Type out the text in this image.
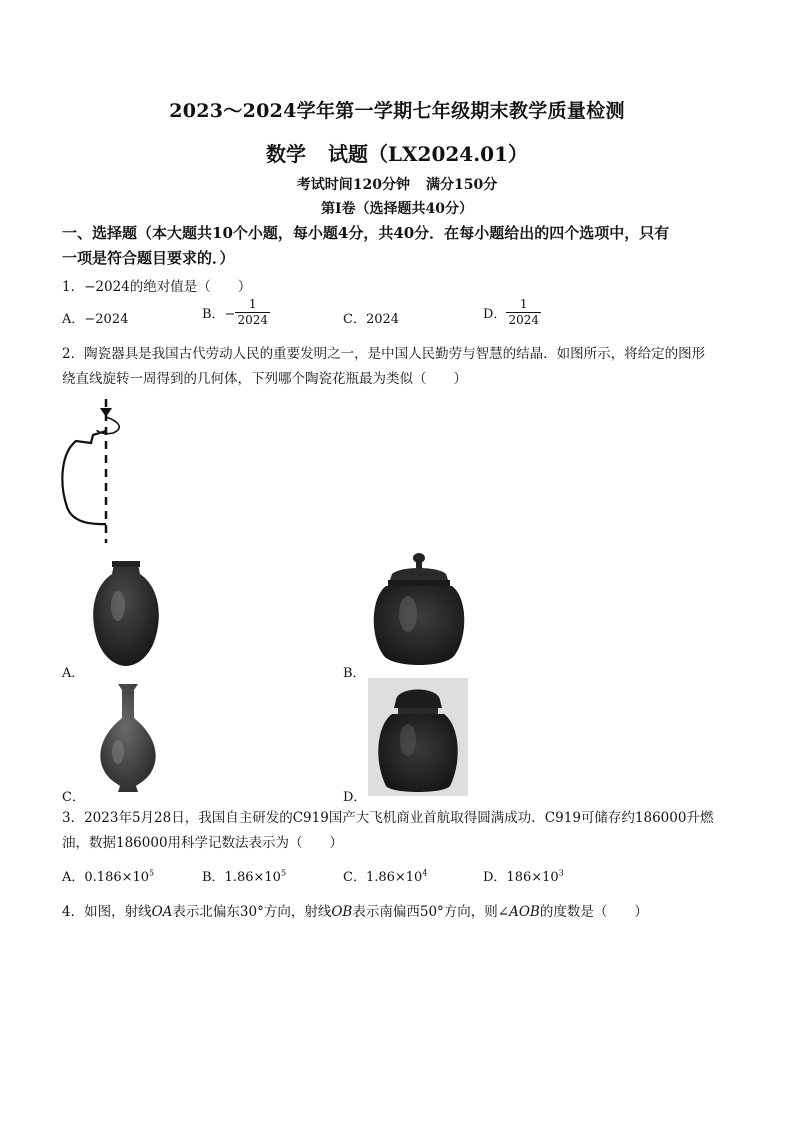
2023～2024学年第一学期七年级期末教学质量检测
数学 试题（LX2024.01）
考试时间120分钟 满分150分
第Ⅰ卷（选择题共40分）
一、选择题（本大题共10个小题，每小题4分，共40分．在每小题给出的四个选项中，只有
一项是符合题目要求的．）
1．−2024的绝对值是（　　）
A．−2024	B．− $\frac{1}{2024}$	C．2024	D． $\frac{1}{2024}$
2．陶瓷器具是我国古代劳动人民的重要发明之一，是中国人民勤劳与智慧的结晶．如图所示，将给定的图形
绕直线旋转一周得到的几何体，下列哪个陶瓷花瓶最为类似（　　）
A．	B．
C．	D．
3．2023年5月28日，我国自主研发的C919国产大飞机商业首航取得圆满成功．C919可储存约186000升燃
油，数据186000用科学记数法表示为（　　）
A．$0.186\times 10^5$	B．$1.86\times 10^5$	C．$1.86\times 10^4$	D．$186\times 10^3$
4．如图，射线OA表示北偏东30°方向，射线OB表示南偏西50°方向，则∠AOB的度数是（　　）
